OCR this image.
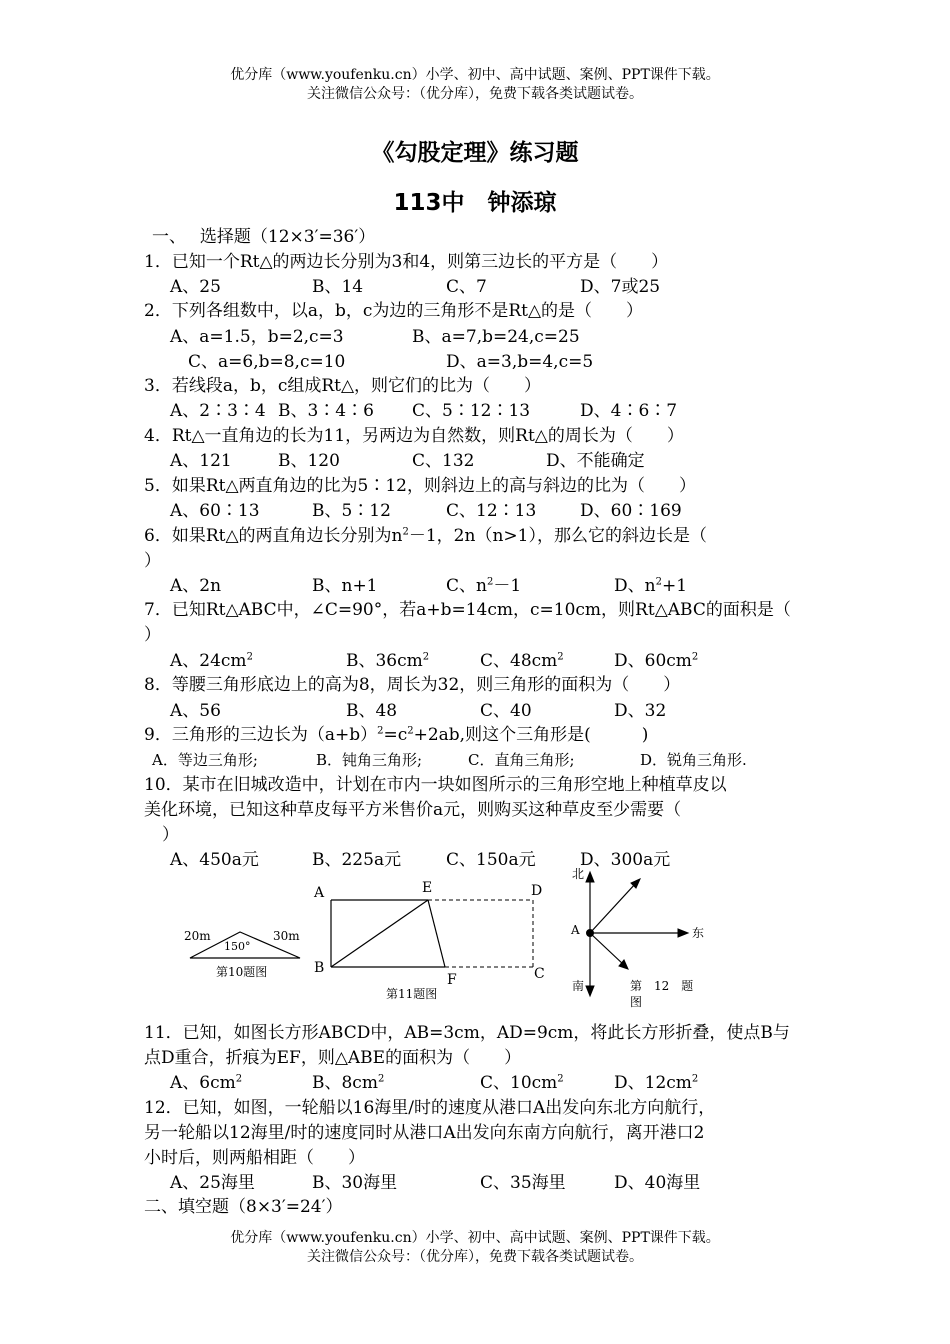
优分库（www.youfenku.cn）小学、初中、高中试题、案例、PPT课件下载。
关注微信公众号：（优分库），免费下载各类试题试卷。
《勾股定理》练习题
113中　钟添琼
一、　 选择题（12×3′=36′）
1．已知一个Rt△的两边长分别为3和4，则第三边长的平方是（　　）
A、25	B、14	C、7	D、7或25
2．下列各组数中，以a，b，c为边的三角形不是Rt△的是（　　）
A、a=1.5，b=2,c=3	B、a=7,b=24,c=25
C、a=6,b=8,c=10	D、a=3,b=4,c=5
3．若线段a，b，c组成Rt△，则它们的比为（　　）
A、2∶3∶4 B、3∶4∶6 C、5∶12∶13	D、4∶6∶7
4．Rt△一直角边的长为11，另两边为自然数，则Rt△的周长为（　　）
A、121	B、120	C、132	D、不能确定
5．如果Rt△两直角边的比为5∶12，则斜边上的高与斜边的比为（　　）
A、60∶13	B、5∶12	C、12∶13	D、60∶169
6．如果Rt△的两直角边长分别为$n^2-1$，2n（n>1），那么它的斜边长是（
）
A、2n	B、n+1	C、$n^2-1$	D、$n^2+1$
7．已知Rt△ABC中，∠C=90°，若a+b=14cm，c=10cm，则Rt△ABC的面积是（
）
A、$24cm^2$	B、$36cm^2$	C、$48cm^2$	D、$60cm^2$
8．等腰三角形底边上的高为8，周长为32，则三角形的面积为（　　）
A、56	B、48	C、40	D、32
9．三角形的三边长为$(a+b)^2=c^2+2ab$,则这个三角形是(　　　)
A．等边三角形;	B．钝角三角形;	C．直角三角形;	D．锐角三角形.
10．某市在旧城改造中，计划在市内一块如图所示的三角形空地上种植草皮以
美化环境，已知这种草皮每平方米售价a元，则购买这种草皮至少需要（
）
A、450a元	B、225a元	C、150a元	D、300a元
20m	30m
150°
第10题图
A
B	C
D
E
F
第11题图
北
南
东
A
第　12　题
图
11．已知，如图长方形ABCD中，AB=3cm，AD=9cm，将此长方形折叠，使点B与
点D重合，折痕为EF，则△ABE的面积为（　　）
A、$6cm^2$	B、$8cm^2$	C、$10cm^2$	D、$12cm^2$
12．已知，如图，一轮船以16海里/时的速度从港口A出发向东北方向航行，
另一轮船以12海里/时的速度同时从港口A出发向东南方向航行，离开港口2
小时后，则两船相距（　　）
A、25海里	B、30海里	C、35海里	D、40海里
二、填空题（8×3′=24′）
优分库（www.youfenku.cn）小学、初中、高中试题、案例、PPT课件下载。
关注微信公众号：（优分库），免费下载各类试题试卷。
